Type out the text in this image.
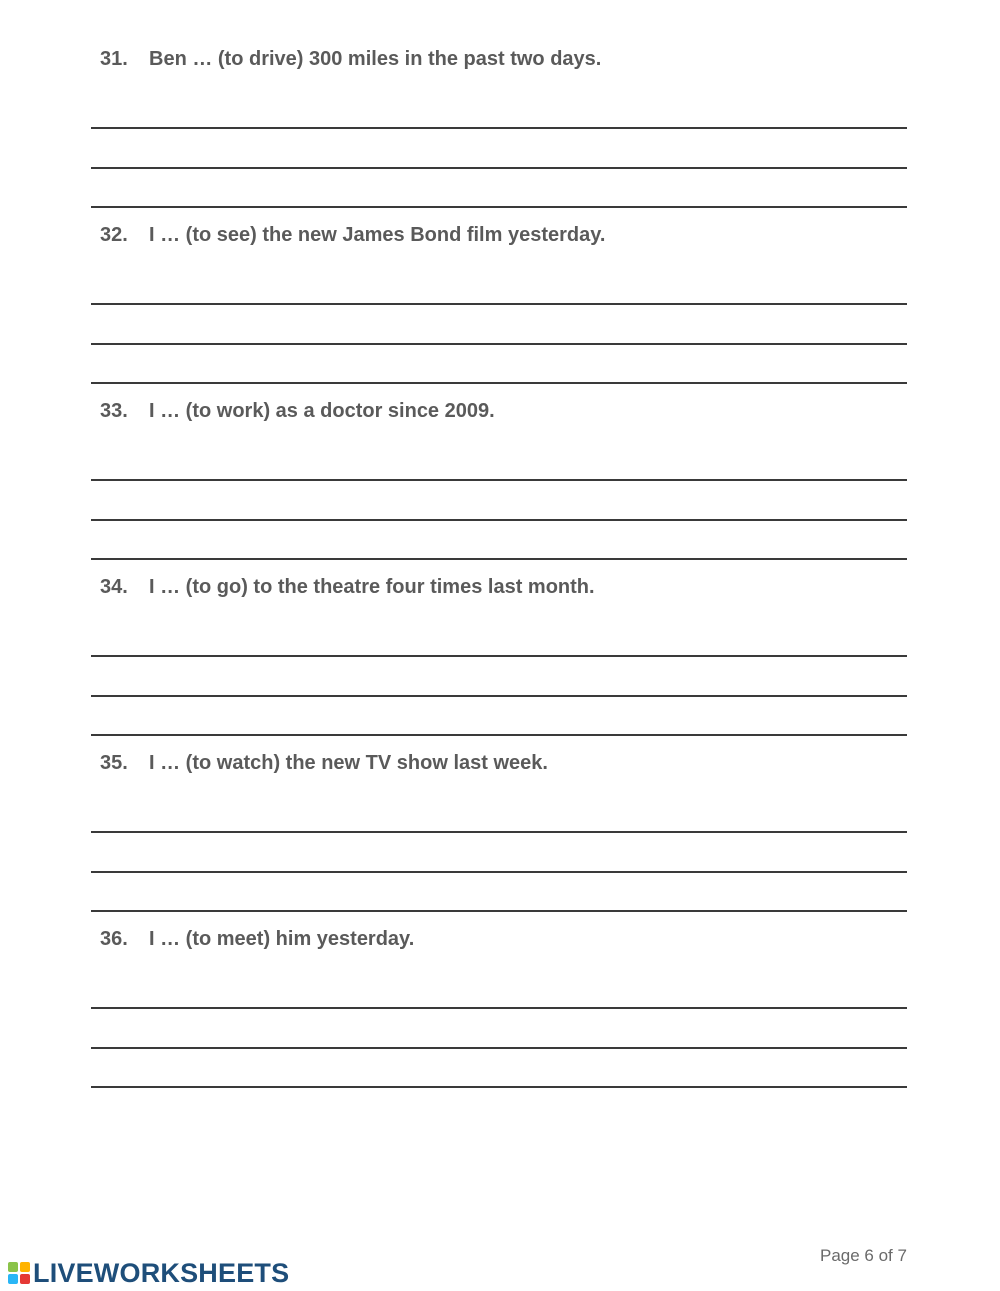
31. Ben … (to drive) 300 miles in the past two days.
32. I … (to see) the new James Bond film yesterday.
33. I … (to work) as a doctor since 2009.
34. I … (to go) to the theatre four times last month.
35. I … (to watch) the new TV show last week.
36. I … (to meet) him yesterday.
Page 6 of 7
LIVEWORKSHEETS
